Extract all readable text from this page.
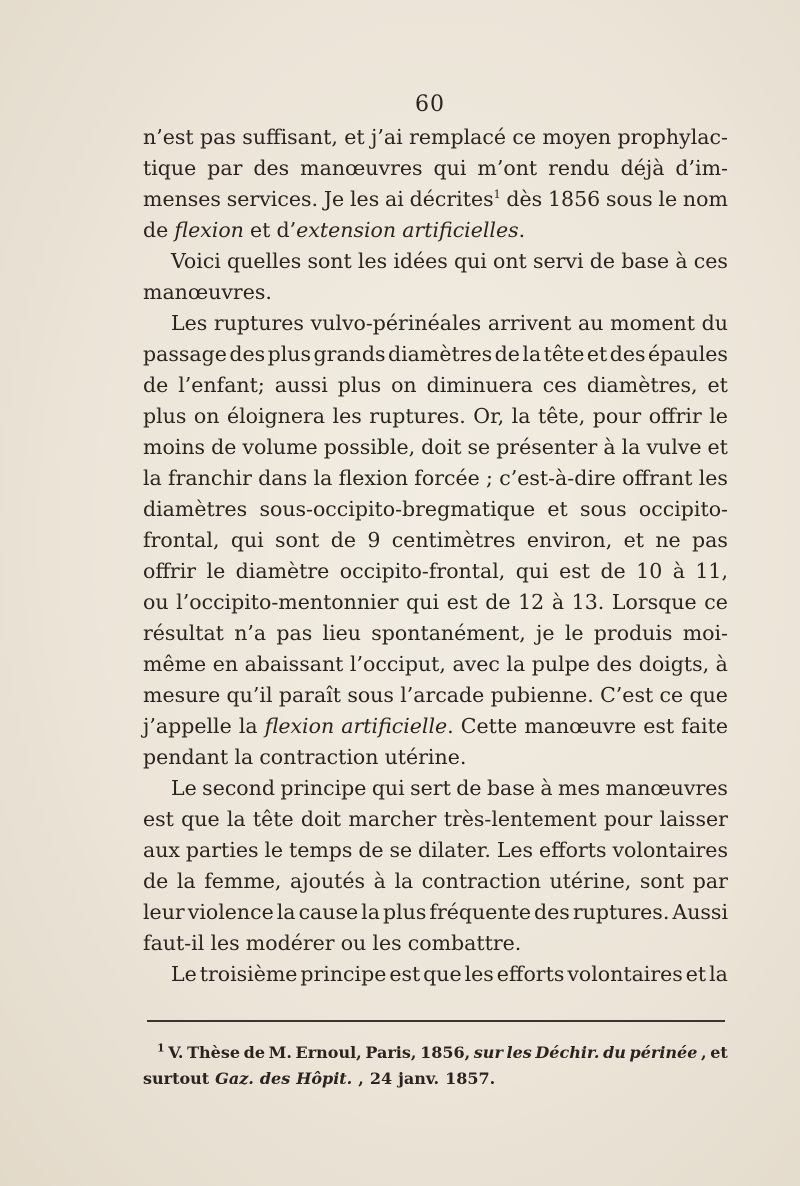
60
n’est pas suffisant, et j’ai remplacé ce moyen prophylac-
tique par des manœuvres qui m’ont rendu déjà d’im-
menses services. Je les ai décrites$^1$ dès 1856 sous le nom
de flexion et d’extension artificielles.
Voici quelles sont les idées qui ont servi de base à ces
manœuvres.
Les ruptures vulvo-périnéales arrivent au moment du
passage des plus grands diamètres de la tête et des épaules
de l’enfant; aussi plus on diminuera ces diamètres, et
plus on éloignera les ruptures. Or, la tête, pour offrir le
moins de volume possible, doit se présenter à la vulve et
la franchir dans la flexion forcée ; c’est-à-dire offrant les
diamètres sous-occipito-bregmatique et sous occipito-
frontal, qui sont de 9 centimètres environ, et ne pas
offrir le diamètre occipito-frontal, qui est de 10 à 11,
ou l’occipito-mentonnier qui est de 12 à 13. Lorsque ce
résultat n’a pas lieu spontanément, je le produis moi-
même en abaissant l’occiput, avec la pulpe des doigts, à
mesure qu’il paraît sous l’arcade pubienne. C’est ce que
j’appelle la flexion artificielle. Cette manœuvre est faite
pendant la contraction utérine.
Le second principe qui sert de base à mes manœuvres
est que la tête doit marcher très-lentement pour laisser
aux parties le temps de se dilater. Les efforts volontaires
de la femme, ajoutés à la contraction utérine, sont par
leur violence la cause la plus fréquente des ruptures. Aussi
faut-il les modérer ou les combattre.
Le troisième principe est que les efforts volontaires et la
$^1$ V. Thèse de M. Ernoul, Paris, 1856, sur les Déchir. du périnée , et
surtout Gaz. des Hôpit. , 24 janv. 1857.
